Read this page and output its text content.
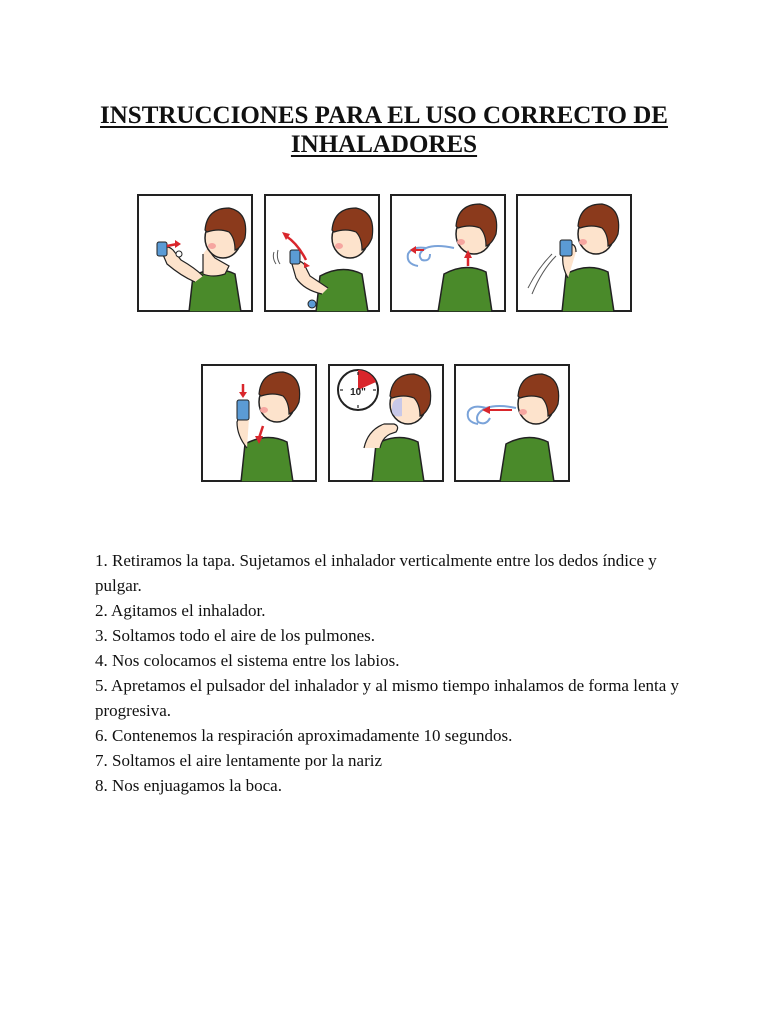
INSTRUCCIONES PARA EL USO CORRECTO DE
INHALADORES
10"
1. Retiramos la tapa. Sujetamos el inhalador verticalmente entre los dedos índice y pulgar.
2. Agitamos el inhalador.
3. Soltamos todo el aire de los pulmones.
4. Nos colocamos el sistema entre los labios.
5. Apretamos el pulsador del inhalador y al mismo tiempo inhalamos de forma lenta y progresiva.
6. Contenemos la respiración aproximadamente 10 segundos.
7. Soltamos el aire lentamente por la nariz
8. Nos enjuagamos la boca.
